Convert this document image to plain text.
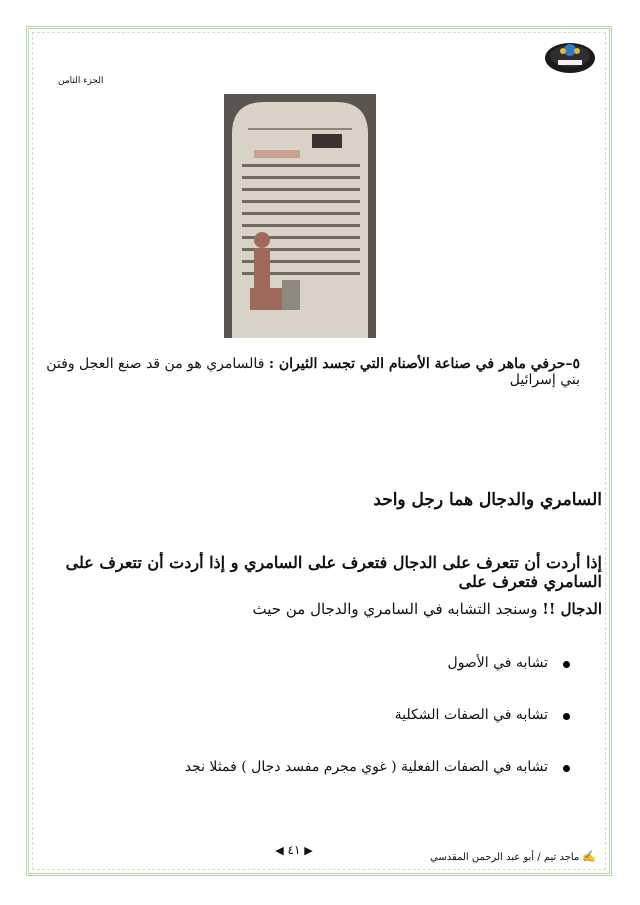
الجزء الثامن
٥–حرفي ماهر في صناعة الأصنام التي تجسد الثيران : فالسامري هو من قد صنع العجل وفتن بني إسرائيل
السامري والدجال هما رجل واحد
إذا أردت أن تتعرف على الدجال فتعرف على السامري و إذا أردت أن تتعرف على السامري فتعرف على
الدجال !! وسنجد التشابه في السامري والدجال من حيث
تشابه في الأصول
تشابه في الصفات الشكلية
تشابه في الصفات الفعلية ( غوي مجرم مفسد دجال ) فمثلا نجد
◀ ٤١ ▶	✍ماجد تيم / أبو عبد الرحمن المقدسي
